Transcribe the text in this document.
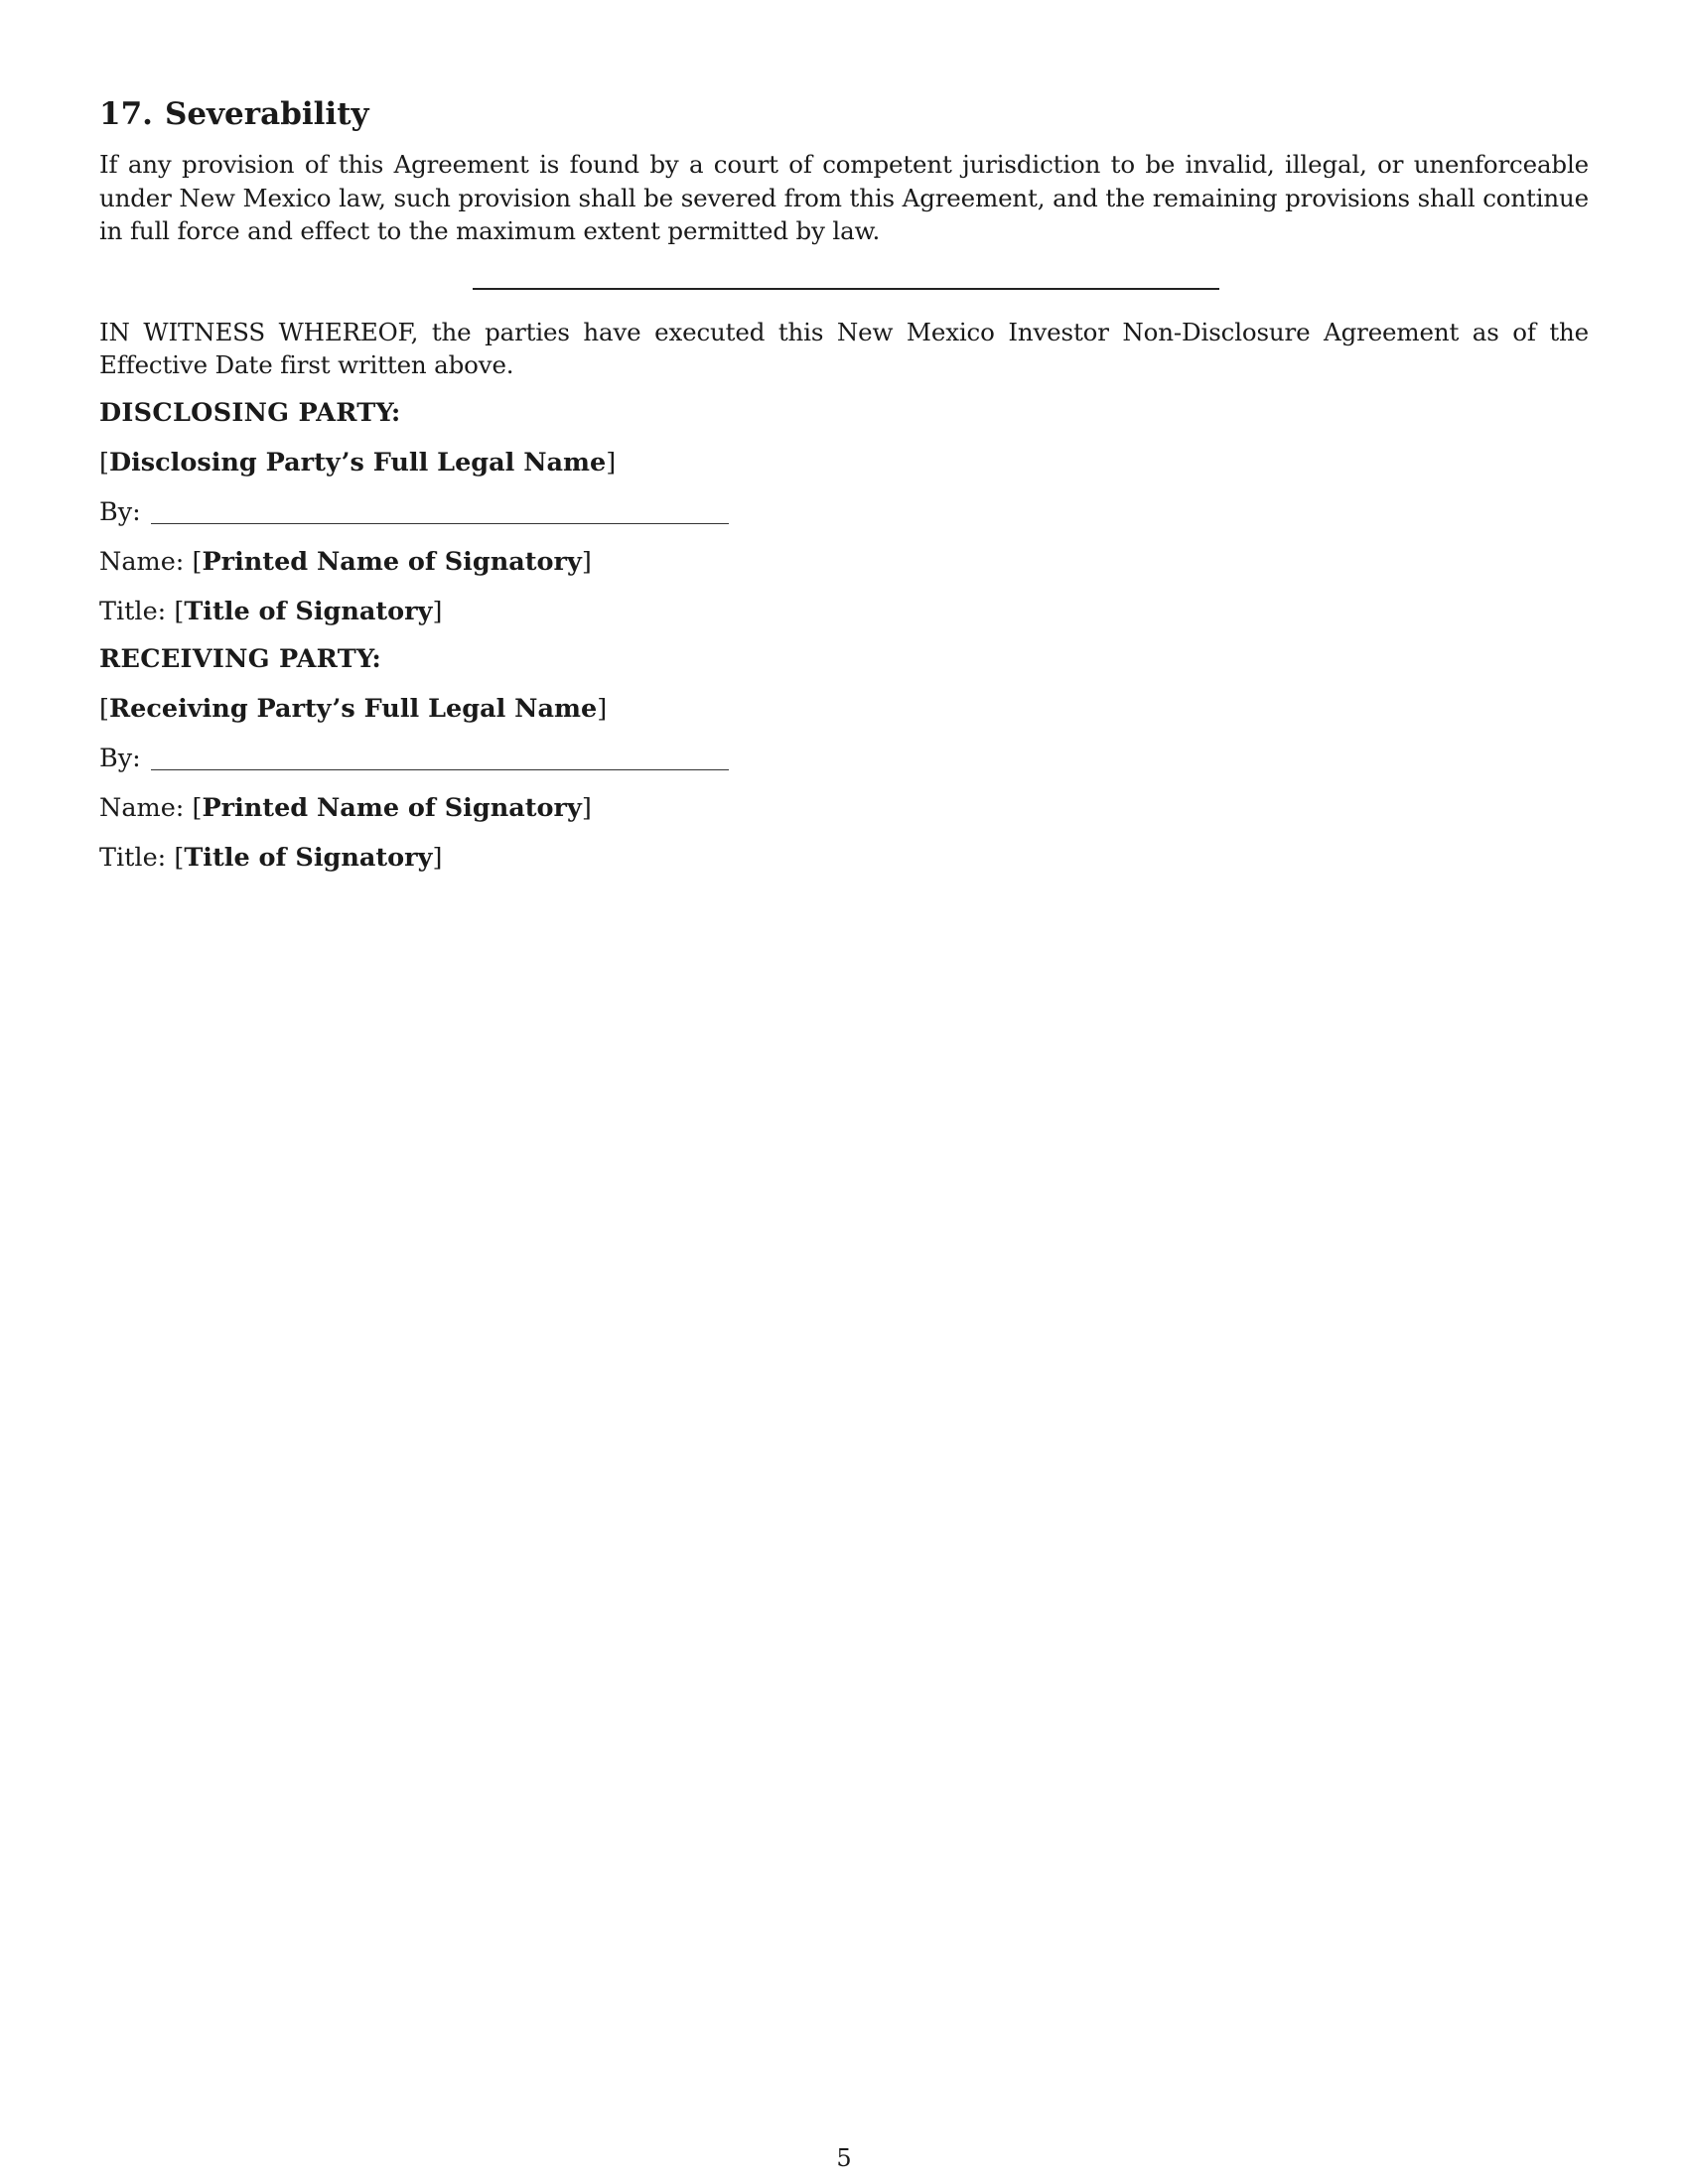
17. Severability

If any provision of this Agreement is found by a court of competent jurisdiction to be invalid, illegal, or unenforceable under New Mexico law, such provision shall be severed from this Agreement, and the remaining provisions shall continue in full force and effect to the maximum extent permitted by law.

IN WITNESS WHEREOF, the parties have executed this New Mexico Investor Non-Disclosure Agreement as of the Effective Date first written above.

DISCLOSING PARTY:
[Disclosing Party’s Full Legal Name]
By:
Name: [Printed Name of Signatory]
Title: [Title of Signatory]
RECEIVING PARTY:
[Receiving Party’s Full Legal Name]
By:
Name: [Printed Name of Signatory]
Title: [Title of Signatory]
5
